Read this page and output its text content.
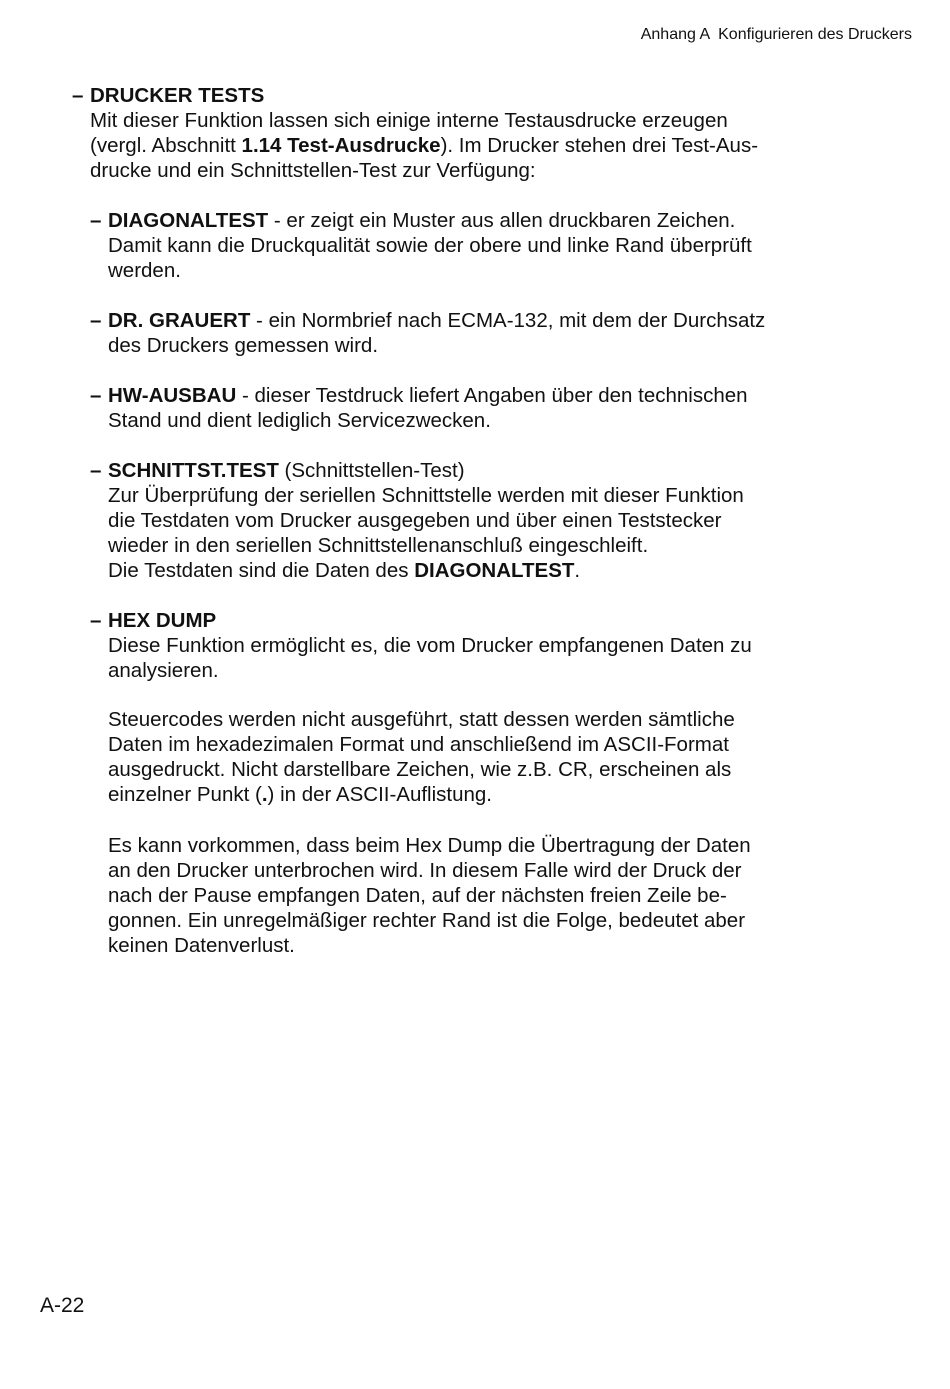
Anhang A  Konfigurieren des Druckers

– DRUCKER TESTS

Mit dieser Funktion lassen sich einige interne Testausdrucke erzeugen

(vergl. Abschnitt 1.14 Test-Ausdrucke). Im Drucker stehen drei Test-Aus-

drucke und ein Schnittstellen-Test zur Verfügung:

– DIAGONALTEST - er zeigt ein Muster aus allen druckbaren Zeichen.

Damit kann die Druckqualität sowie der obere und linke Rand überprüft

werden.

– DR. GRAUERT - ein Normbrief nach ECMA-132, mit dem der Durchsatz

des Druckers gemessen wird.

– HW-AUSBAU - dieser Testdruck liefert Angaben über den technischen

Stand und dient lediglich Servicezwecken.

– SCHNITTST.TEST (Schnittstellen-Test)

Zur Überprüfung der seriellen Schnittstelle werden mit dieser Funktion

die Testdaten vom Drucker ausgegeben und über einen Teststecker

wieder in den seriellen Schnittstellenanschluß eingeschleift.

Die Testdaten sind die Daten des DIAGONALTEST.

– HEX DUMP

Diese Funktion ermöglicht es, die vom Drucker empfangenen Daten zu

analysieren.

Steuercodes werden nicht ausgeführt, statt dessen werden sämtliche

Daten im hexadezimalen Format und anschließend im ASCII-Format

ausgedruckt. Nicht darstellbare Zeichen, wie z.B. CR, erscheinen als

einzelner Punkt (.) in der ASCII-Auflistung.

Es kann vorkommen, dass beim Hex Dump die Übertragung der Daten

an den Drucker unterbrochen wird. In diesem Falle wird der Druck der

nach der Pause empfangen Daten, auf der nächsten freien Zeile be-

gonnen. Ein unregelmäßiger rechter Rand ist die Folge, bedeutet aber

keinen Datenverlust.

A-22
